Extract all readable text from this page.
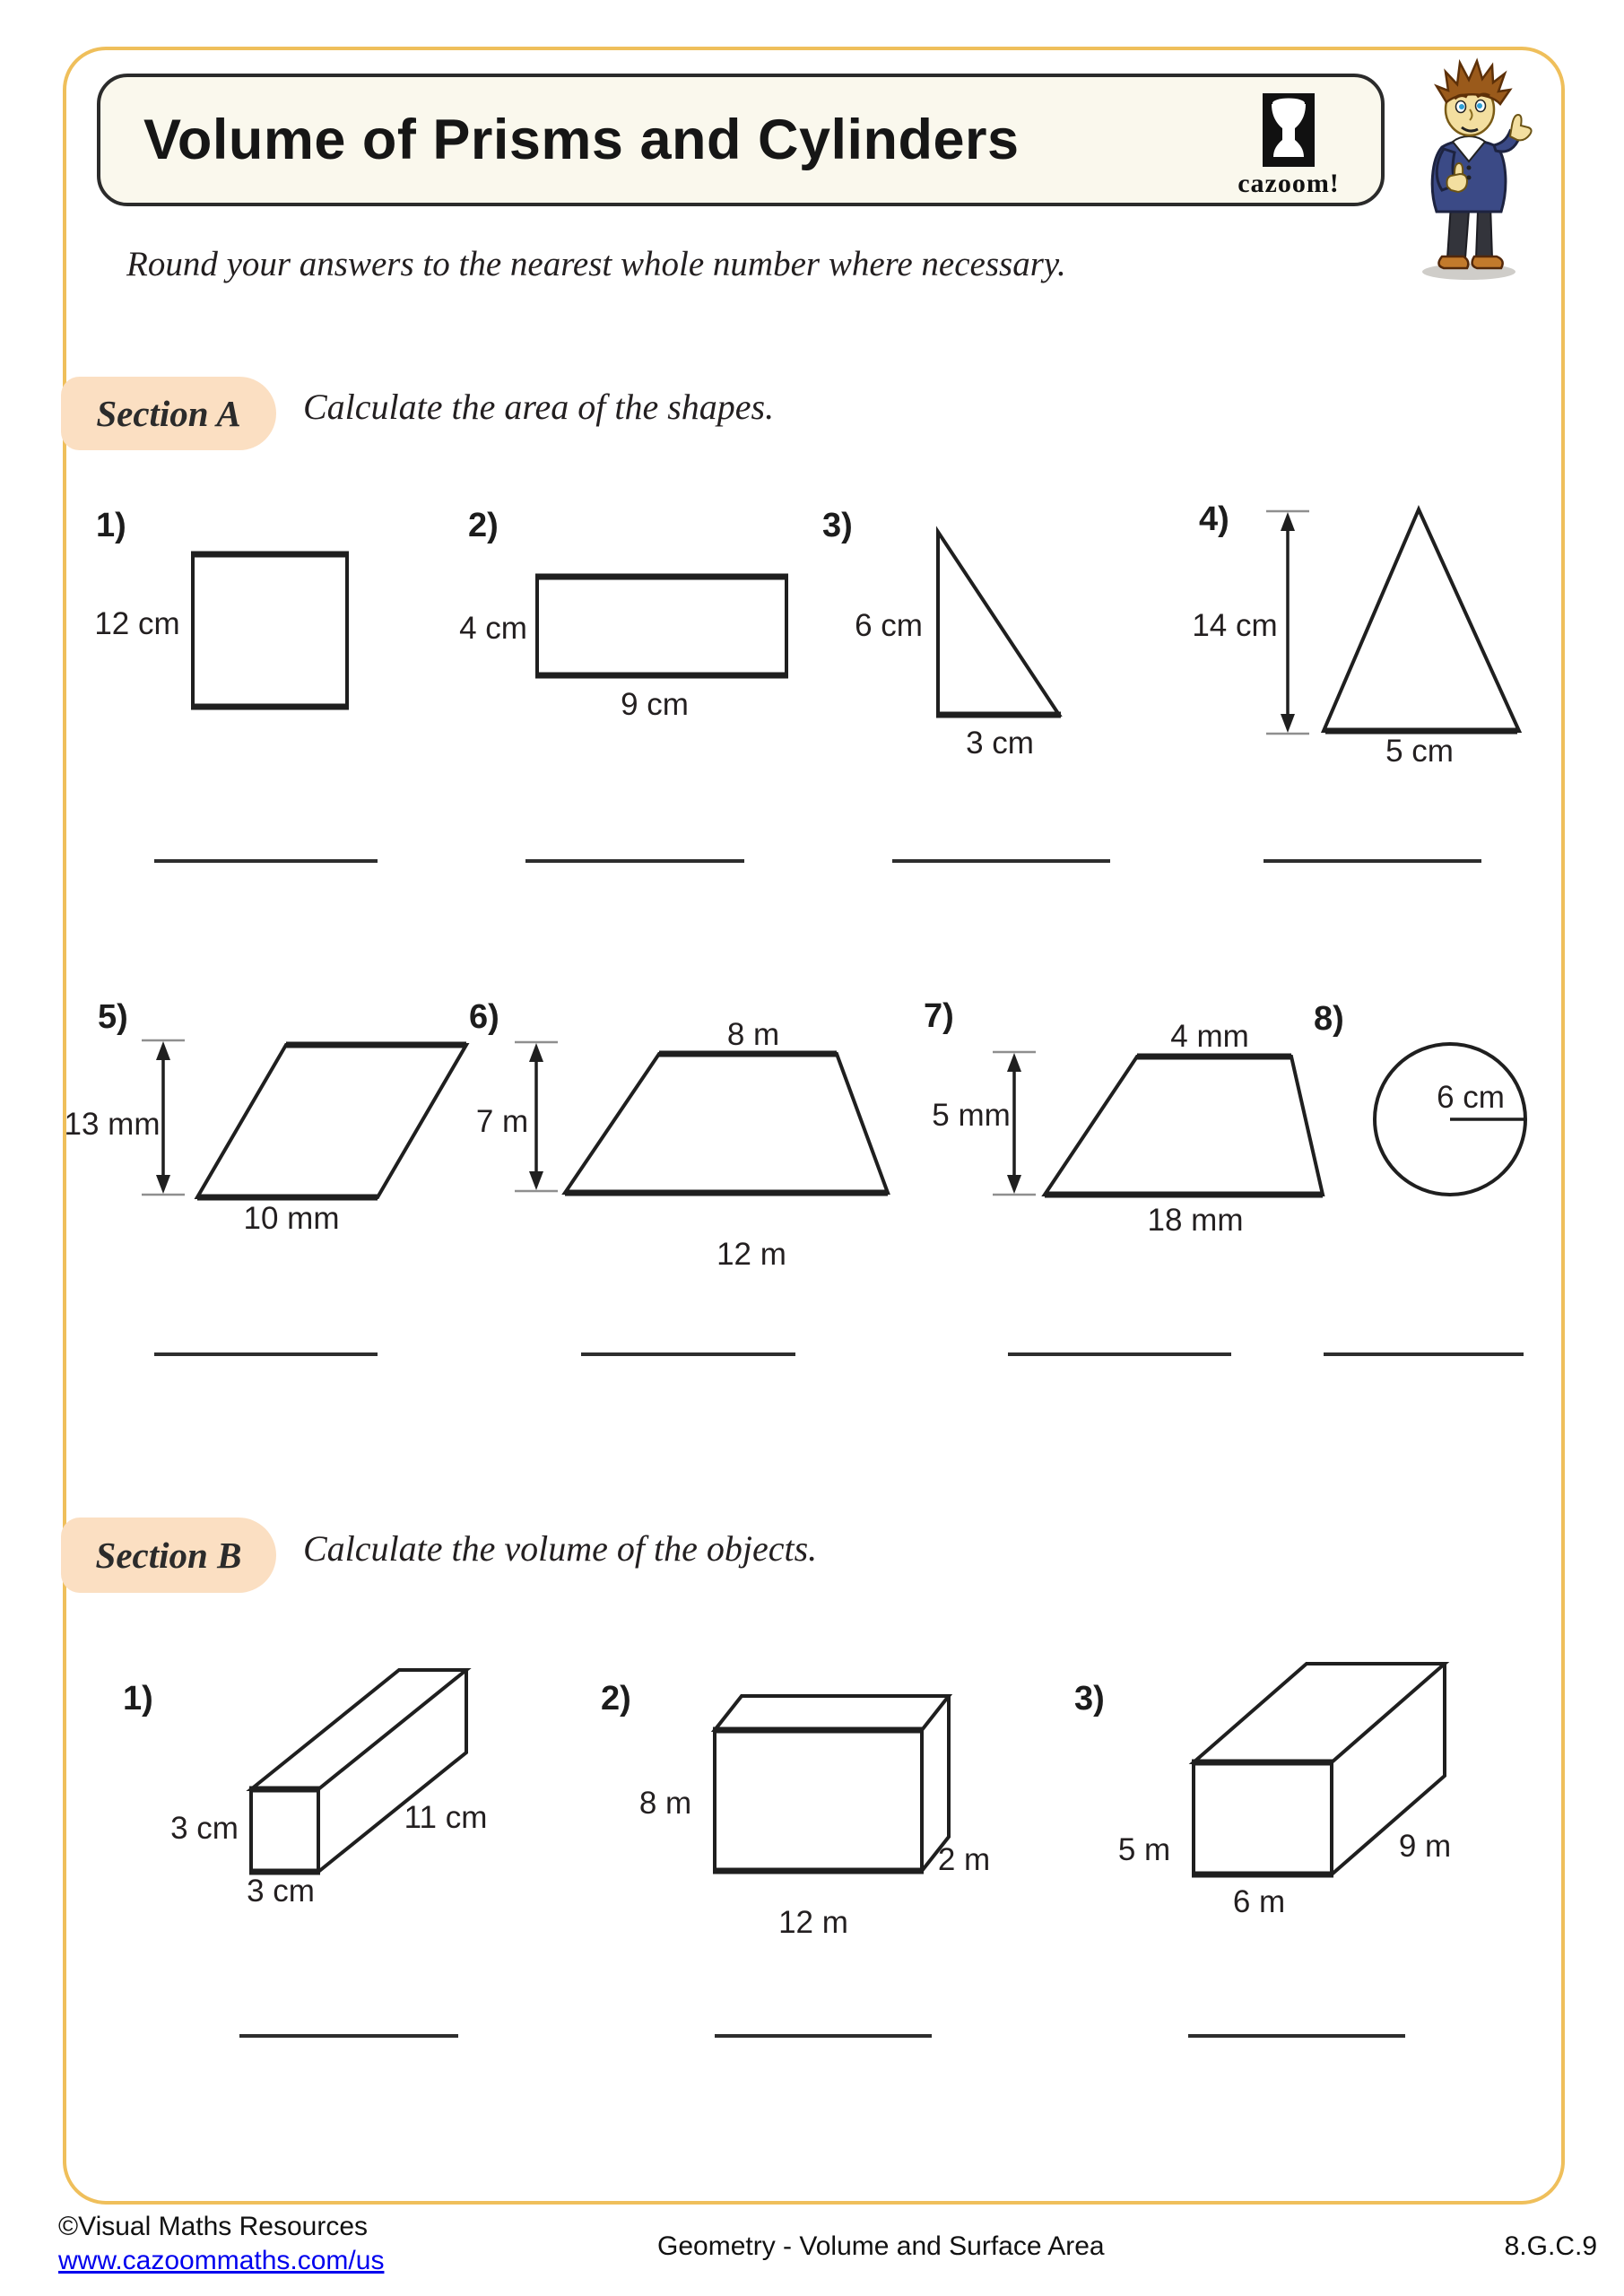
Volume of Prisms and Cylinders
cazoom!
Round your answers to the nearest whole number where necessary.
Section A	Calculate the area of the shapes.
1)
12 cm
2)
4 cm
9 cm
3)
6 cm
3 cm
4)
14 cm
5 cm
5)
13 mm
10 mm
6)	8 m
7 m
12 m
7)
4 mm
5 mm
18 mm
8)
6 cm
Section B	Calculate the volume of the objects.
1)
3 cm
3 cm
11 cm
2)
8 m
12 m
2 m
3)
5 m
6 m
9 m
©Visual Maths Resources
www.cazoommaths.com/us	Geometry - Volume and Surface Area	8.G.C.9
